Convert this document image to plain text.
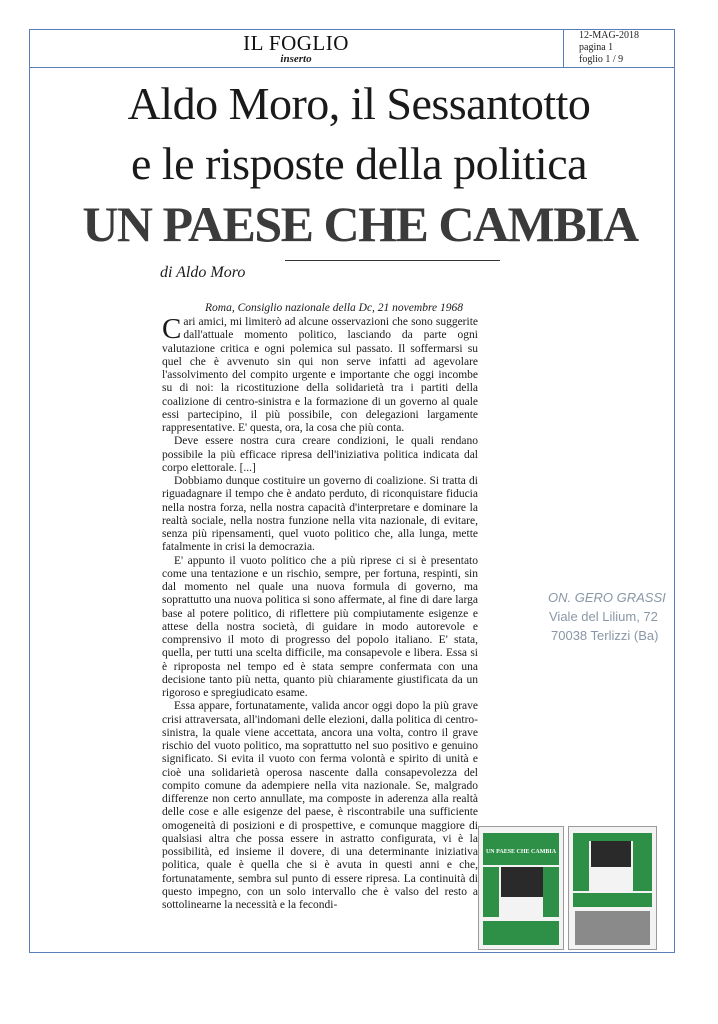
IL FOGLIO
inserto
12-MAG-2018
pagina 1
foglio 1 / 9
Aldo Moro, il Sessantotto
e le risposte della politica
UN PAESE CHE CAMBIA
di Aldo Moro
Roma, Consiglio nazionale della Dc, 21 novembre 1968

Cari amici, mi limiterò ad alcune osservazioni che sono suggerite dall'attuale momento politico, lasciando da parte ogni valutazione critica e ogni polemica sul passato. Il soffermarsi su quel che è avvenuto sin qui non serve infatti ad agevolare l'assolvimento del compito urgente e importante che oggi incombe su di noi: la ricostituzione della solidarietà tra i partiti della coalizione di centro-sinistra e la formazione di un governo al quale essi partecipino, il più possibile, con delegazioni largamente rappresentative. E' questa, ora, la cosa che più conta.

Deve essere nostra cura creare condizioni, le quali rendano possibile la più efficace ripresa dell'iniziativa politica indicata dal corpo elettorale. [...]

Dobbiamo dunque costituire un governo di coalizione. Si tratta di riguadagnare il tempo che è andato perduto, di riconquistare fiducia nella nostra forza, nella nostra capacità d'interpretare e dominare la realtà sociale, nella nostra funzione nella vita nazionale, di evitare, senza più ripensamenti, quel vuoto politico che, alla lunga, mette fatalmente in crisi la democrazia.

E' appunto il vuoto politico che a più riprese ci si è presentato come una tentazione e un rischio, sempre, per fortuna, respinti, sin dal momento nel quale una nuova formula di governo, ma soprattutto una nuova politica si sono affermate, al fine di dare larga base al potere politico, di riflettere più compiutamente esigenze e attese della nostra società, di guidare in modo autorevole e comprensivo il moto di progresso del popolo italiano. E' stata, quella, per tutti una scelta difficile, ma consapevole e libera. Essa si è riproposta nel tempo ed è stata sempre confermata con una decisione tanto più netta, quanto più chiaramente giustificata da un rigoroso e spregiudicato esame.

Essa appare, fortunatamente, valida ancor oggi dopo la più grave crisi attraversata, all'indomani delle elezioni, dalla politica di centro-sinistra, la quale viene accettata, ancora una volta, contro il grave rischio del vuoto politico, ma soprattutto nel suo positivo e genuino significato. Si evita il vuoto con ferma volontà e spirito di unità e cioè una solidarietà operosa nascente dalla consapevolezza del compito comune da adempiere nella vita nazionale. Se, malgrado differenze non certo annullate, ma composte in aderenza alla realtà delle cose e alle esigenze del paese, è riscontrabile una sufficiente omogeneità di posizioni e di prospettive, e comunque maggiore di qualsiasi altra che possa essere in astratto configurata, vi è la possibilità, ed insieme il dovere, di una determinante iniziativa politica, quale è quella che si è avuta in questi anni e che, fortunatamente, sembra sul punto di essere ripresa. La continuità di questo impegno, con un solo intervallo che è valso del resto a sottolinearne la necessità e la fecondi-

ON. GERO GRASSI
Viale del Lilium, 72
70038 Terlizzi (Ba)
UN PAESE CHE CAMBIA
